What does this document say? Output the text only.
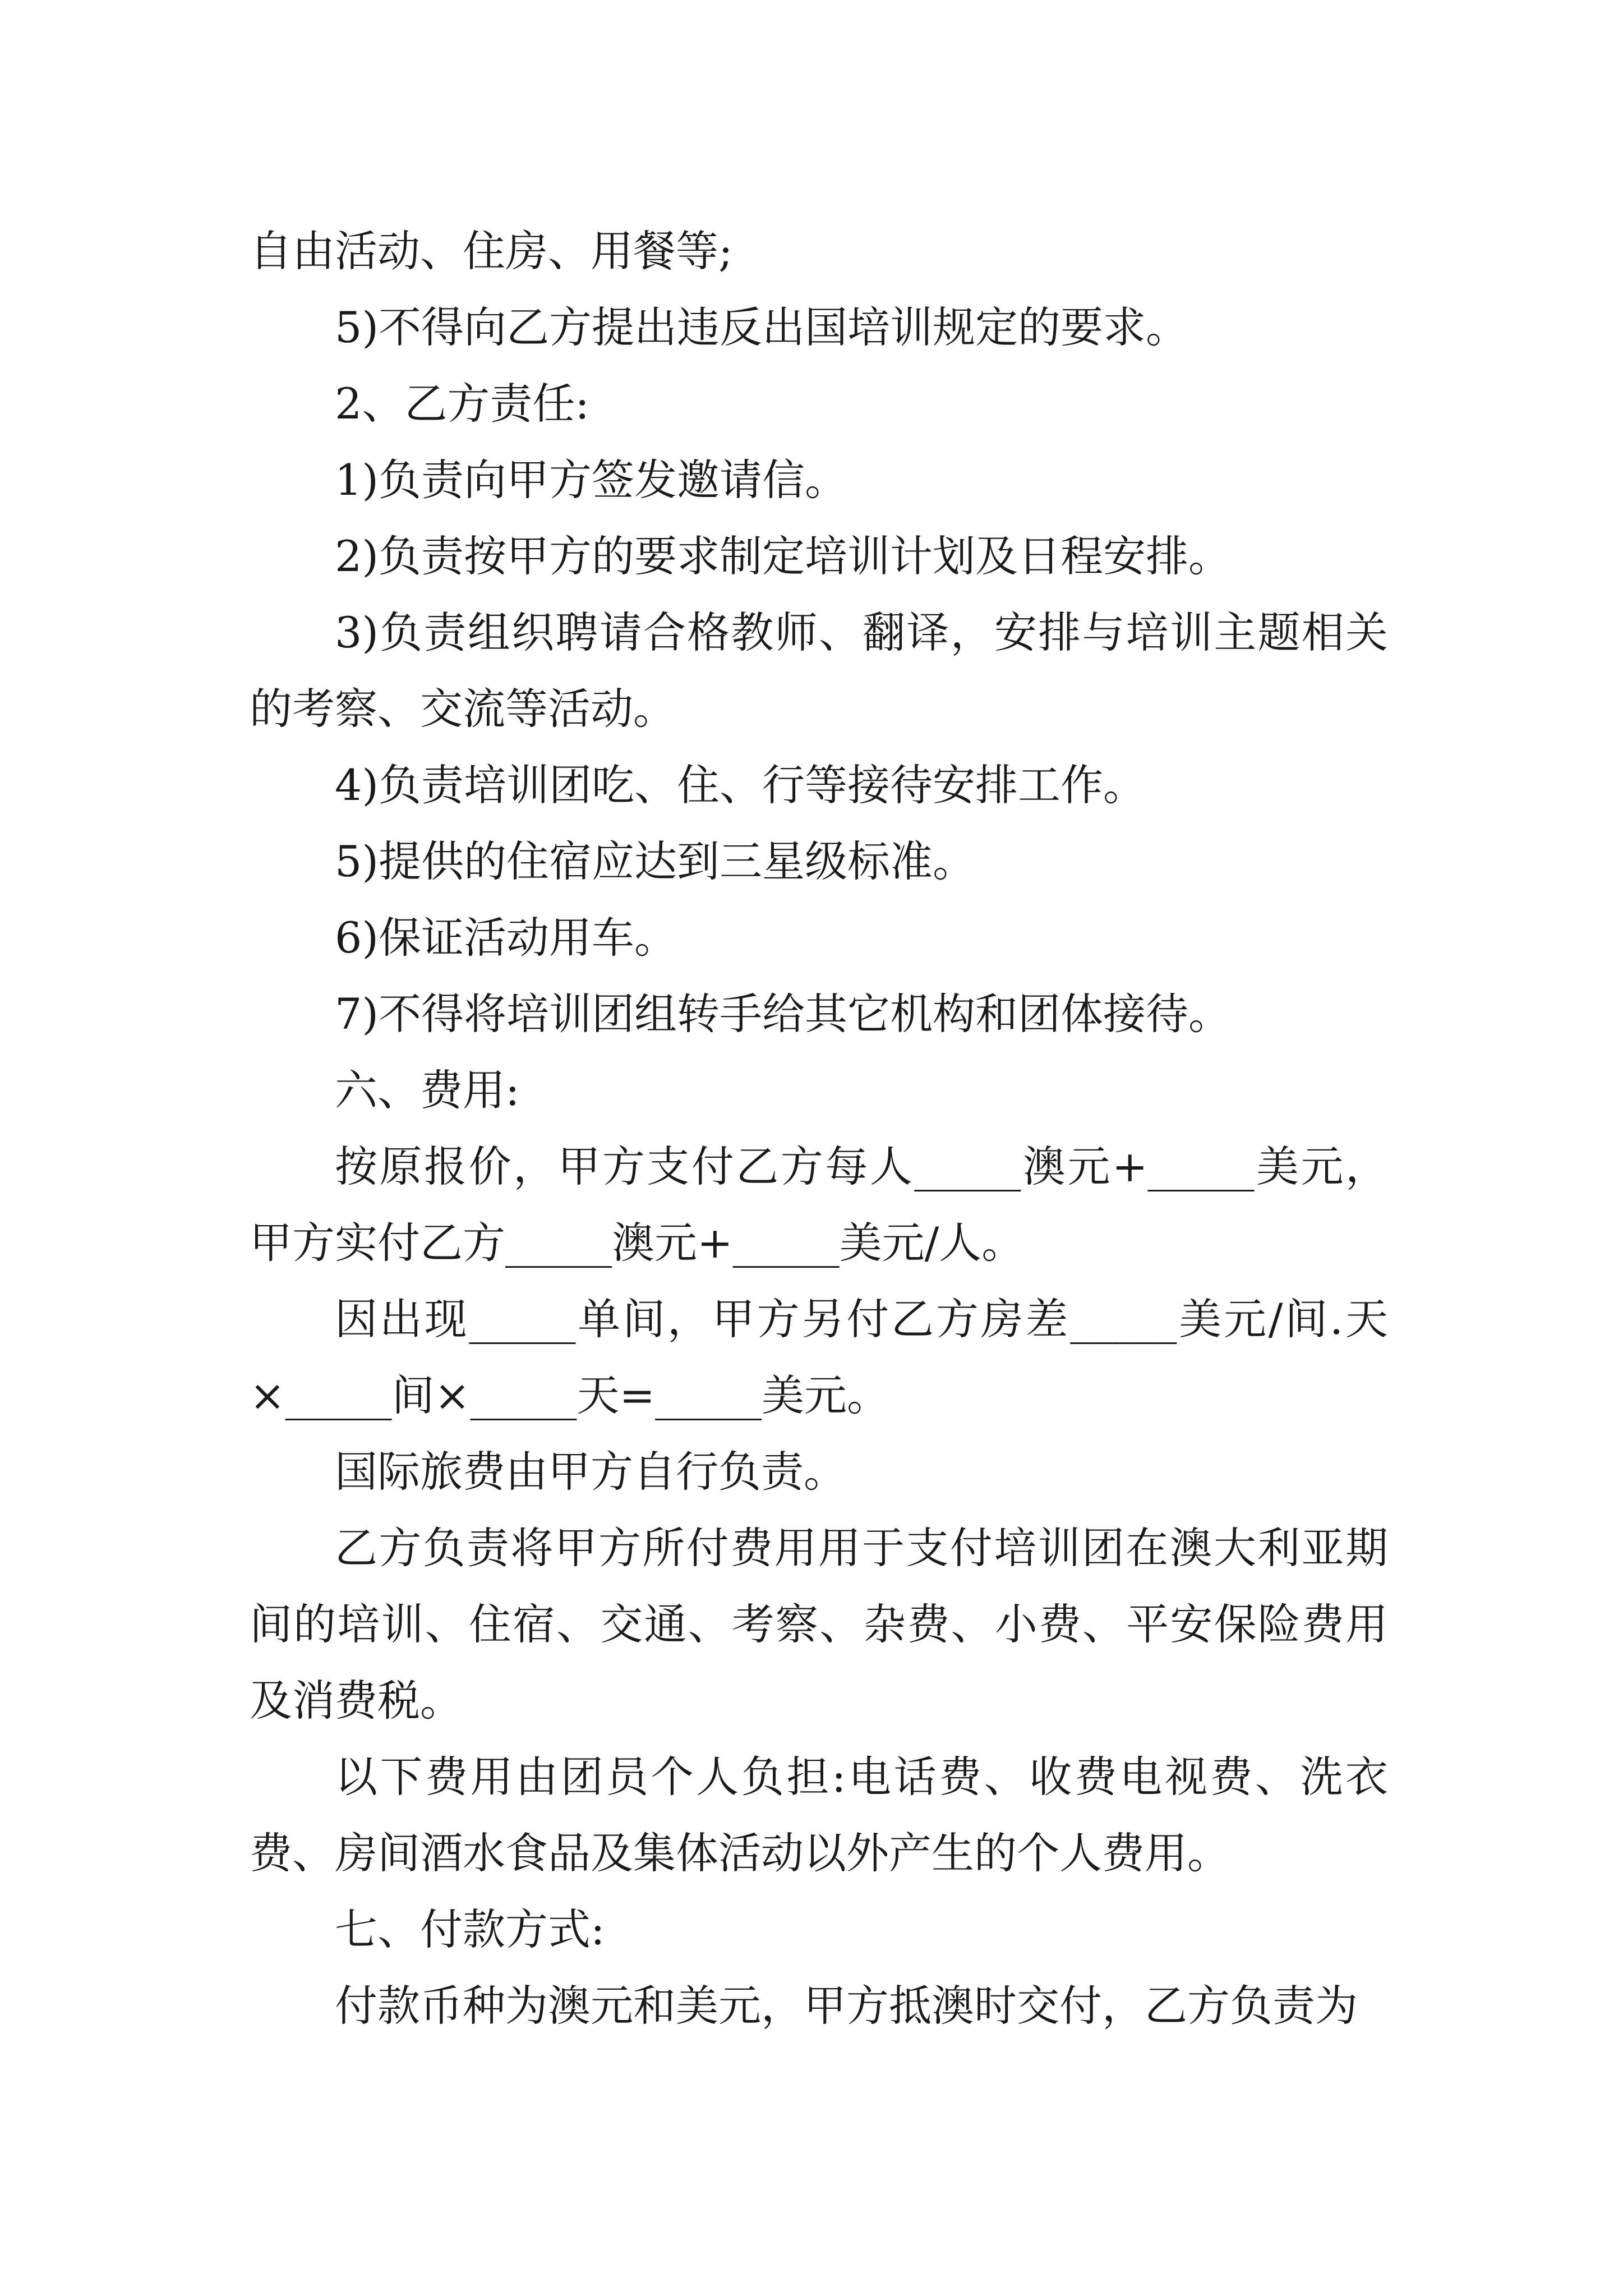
自由活动、住房、用餐等;

5)不得向乙方提出违反出国培训规定的要求。

2、乙方责任:

1)负责向甲方签发邀请信。

2)负责按甲方的要求制定培训计划及日程安排。

3)负责组织聘请合格教师、翻译，安排与培训主题相关的考察、交流等活动。

4)负责培训团吃、住、行等接待安排工作。

5)提供的住宿应达到三星级标准。

6)保证活动用车。

7)不得将培训团组转手给其它机构和团体接待。

六、费用:

按原报价，甲方支付乙方每人_____澳元+_____美元，甲方实付乙方_____澳元+_____美元/人。

因出现_____单间，甲方另付乙方房差_____美元/间.天×_____间×_____天=_____美元。

国际旅费由甲方自行负责。

乙方负责将甲方所付费用用于支付培训团在澳大利亚期间的培训、住宿、交通、考察、杂费、小费、平安保险费用及消费税。

以下费用由团员个人负担:电话费、收费电视费、洗衣费、房间酒水食品及集体活动以外产生的个人费用。

七、付款方式:

付款币种为澳元和美元，甲方抵澳时交付，乙方负责为
